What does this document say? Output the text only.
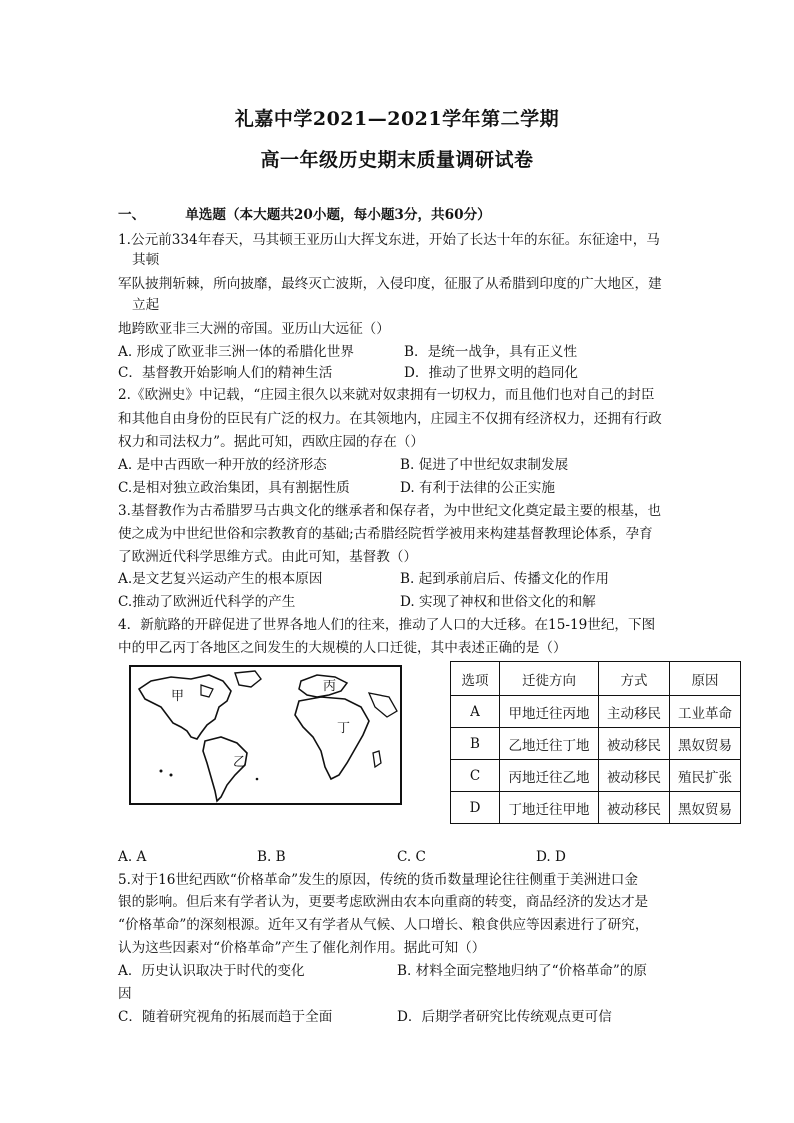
礼嘉中学2021—2021学年第二学期
高一年级历史期末质量调研试卷
一、	单选题（本大题共20小题，每小题3分，共60分）
1.公元前334年春天，马其顿王亚历山大挥戈东进，开始了长达十年的东征。东征途中，马
其顿
军队披荆斩棘，所向披靡，最终灭亡波斯，入侵印度，征服了从希腊到印度的广大地区，建
立起
地跨欧亚非三大洲的帝国。亚历山大远征（）
A. 形成了欧亚非三洲一体的希腊化世界	B．是统一战争，具有正义性
C．基督教开始影响人们的精神生活	D．推动了世界文明的趋同化
2.《欧洲史》中记载，“庄园主很久以来就对奴隶拥有一切权力，而且他们也对自己的封臣
和其他自由身份的臣民有广泛的权力。在其领地内，庄园主不仅拥有经济权力，还拥有行政
权力和司法权力”。据此可知，西欧庄园的存在（）
A. 是中古西欧一种开放的经济形态	B. 促进了中世纪奴隶制发展
C.是相对独立政治集团，具有割据性质	D. 有利于法律的公正实施
3.基督教作为古希腊罗马古典文化的继承者和保存者，为中世纪文化奠定最主要的根基，也
使之成为中世纪世俗和宗教教育的基础;古希腊经院哲学被用来构建基督教理论体系，孕育
了欧洲近代科学思维方式。由此可知，基督教（）
A.是文艺复兴运动产生的根本原因	B. 起到承前启后、传播文化的作用
C.推动了欧洲近代科学的产生	D. 实现了神权和世俗文化的和解
4．新航路的开辟促进了世界各地人们的往来，推动了人口的大迁移。在15-19世纪，下图
中的甲乙丙丁各地区之间发生的大规模的人口迁徙，其中表述正确的是（）
甲
乙
丙
丁
选项	迁徙方向	方式	原因
A	甲地迁往丙地	主动移民	工业革命
B	乙地迁往丁地	被动移民	黑奴贸易
C	丙地迁往乙地	被动移民	殖民扩张
D	丁地迁往甲地	被动移民	黑奴贸易
A. A	B. B	C. C	D. D
5.对于16世纪西欧“价格革命”发生的原因，传统的货币数量理论往往侧重于美洲进口金
银的影响。但后来有学者认为，更要考虑欧洲由农本向重商的转变，商品经济的发达才是
“价格革命”的深刻根源。近年又有学者从气候、人口增长、粮食供应等因素进行了研究，
认为这些因素对“价格革命”产生了催化剂作用。据此可知（）
A．历史认识取决于时代的变化	B. 材料全面完整地归纳了“价格革命”的原
因
C．随着研究视角的拓展而趋于全面	D．后期学者研究比传统观点更可信
